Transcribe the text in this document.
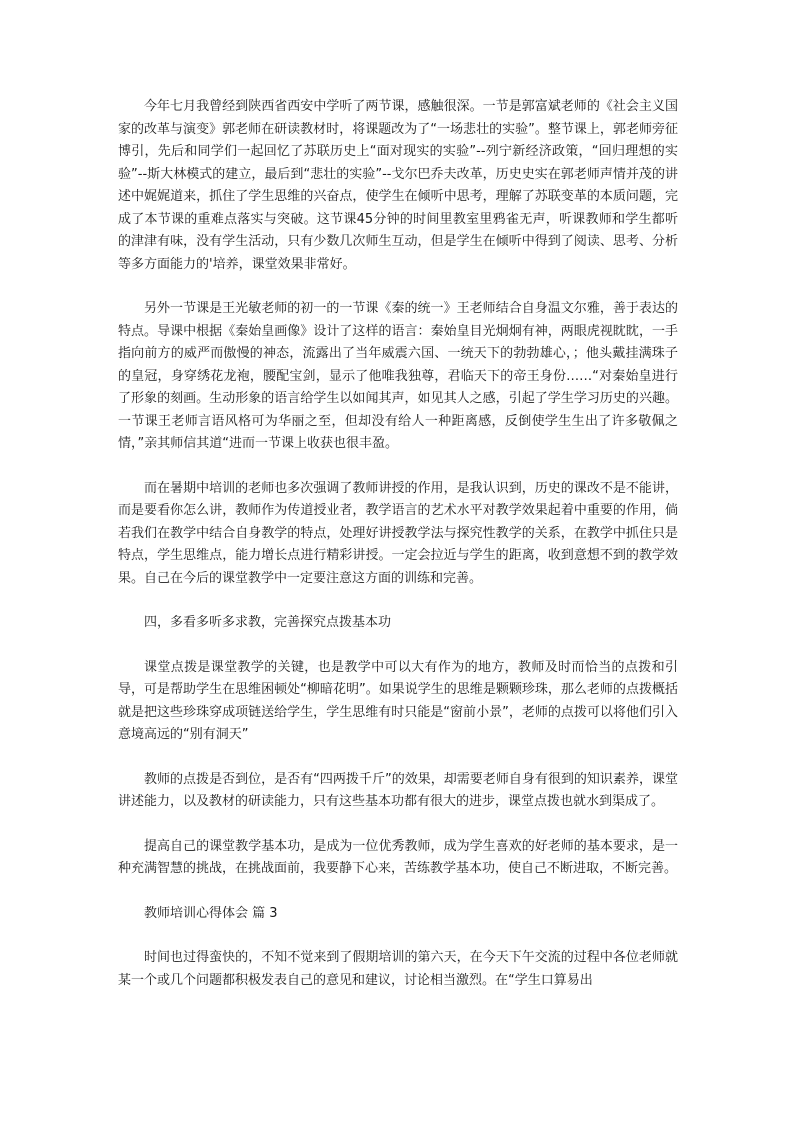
今年七月我曾经到陕西省西安中学听了两节课，感触很深。一节是郭富斌老师的《社会主义国家的改革与演变》郭老师在研读教材时，将课题改为了“一场悲壮的实验”。整节课上，郭老师旁征博引，先后和同学们一起回忆了苏联历史上“面对现实的实验”--列宁新经济政策，“回归理想的实验”--斯大林模式的建立，最后到“悲壮的实验”--戈尔巴乔夫改革，历史史实在郭老师声情并茂的讲述中娓娓道来，抓住了学生思维的兴奋点，使学生在倾听中思考，理解了苏联变革的本质问题，完成了本节课的重难点落实与突破。这节课45分钟的时间里教室里鸦雀无声，听课教师和学生都听的津津有味，没有学生活动，只有少数几次师生互动，但是学生在倾听中得到了阅读、思考、分析等多方面能力的'培养，课堂效果非常好。

另外一节课是王光敏老师的初一的一节课《秦的统一》王老师结合自身温文尔雅，善于表达的特点。导课中根据《秦始皇画像》设计了这样的语言：秦始皇目光炯炯有神，两眼虎视眈眈，一手指向前方的威严而傲慢的神态，流露出了当年威震六国、一统天下的勃勃雄心，；他头戴挂满珠子的皇冠，身穿绣花龙袍，腰配宝剑，显示了他唯我独尊，君临天下的帝王身份……“对秦始皇进行了形象的刻画。生动形象的语言给学生以如闻其声，如见其人之感，引起了学生学习历史的兴趣。一节课王老师言语风格可为华丽之至，但却没有给人一种距离感，反倒使学生生出了许多敬佩之情，”亲其师信其道“进而一节课上收获也很丰盈。

而在暑期中培训的老师也多次强调了教师讲授的作用，是我认识到，历史的课改不是不能讲，而是要看你怎么讲，教师作为传道授业者，教学语言的艺术水平对教学效果起着中重要的作用，倘若我们在教学中结合自身教学的特点，处理好讲授教学法与探究性教学的关系，在教学中抓住只是特点，学生思维点，能力增长点进行精彩讲授。一定会拉近与学生的距离，收到意想不到的教学效果。自己在今后的课堂教学中一定要注意这方面的训练和完善。

四，多看多听多求教，完善探究点拨基本功

课堂点拨是课堂教学的关键，也是教学中可以大有作为的地方，教师及时而恰当的点拨和引导，可是帮助学生在思维困顿处“柳暗花明”。如果说学生的思维是颗颗珍珠，那么老师的点拨概括就是把这些珍珠穿成项链送给学生，学生思维有时只能是“窗前小景”，老师的点拨可以将他们引入意境高远的“别有洞天”

教师的点拨是否到位，是否有“四两拨千斤”的效果，却需要老师自身有很到的知识素养，课堂讲述能力，以及教材的研读能力，只有这些基本功都有很大的进步，课堂点拨也就水到渠成了。

提高自己的课堂教学基本功，是成为一位优秀教师，成为学生喜欢的好老师的基本要求，是一种充满智慧的挑战，在挑战面前，我要静下心来，苦练教学基本功，使自己不断进取，不断完善。

教师培训心得体会 篇 3

时间也过得蛮快的，不知不觉来到了假期培训的第六天，在今天下午交流的过程中各位老师就某一个或几个问题都积极发表自己的意见和建议，讨论相当激烈。在“学生口算易出
